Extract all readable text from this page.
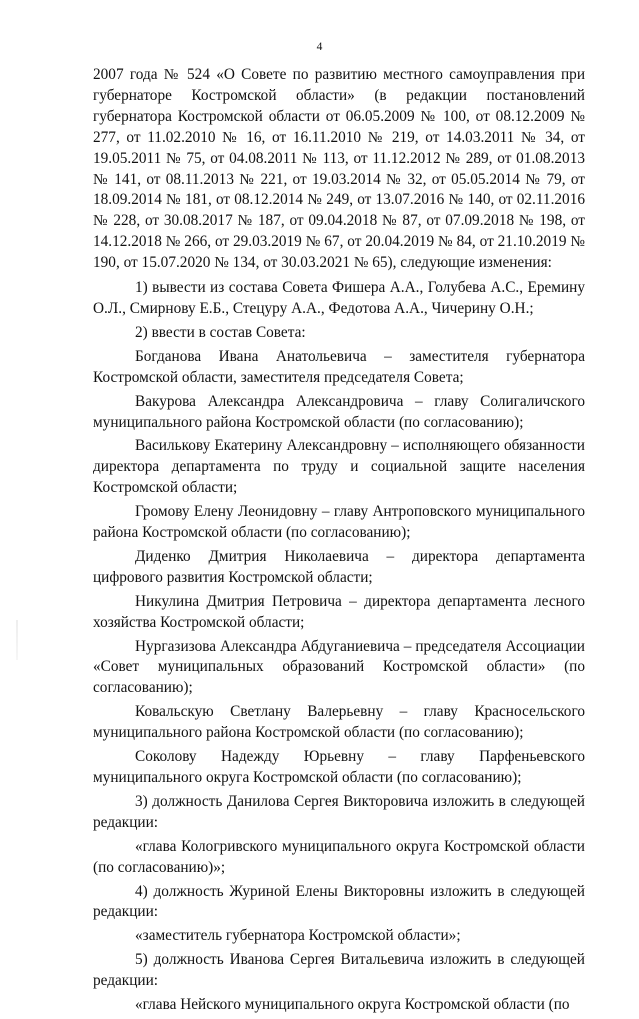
4

2007 года № 524 «О Совете по развитию местного самоуправления при губернаторе Костромской области» (в редакции постановлений губернатора Костромской области от 06.05.2009 № 100, от 08.12.2009 № 277, от 11.02.2010 № 16, от 16.11.2010 № 219, от 14.03.2011 № 34, от 19.05.2011 № 75, от 04.08.2011 № 113, от 11.12.2012 № 289, от 01.08.2013 № 141, от 08.11.2013 № 221, от 19.03.2014 № 32, от 05.05.2014 № 79, от 18.09.2014 № 181, от 08.12.2014 № 249, от 13.07.2016 № 140, от 02.11.2016 № 228, от 30.08.2017 № 187, от 09.04.2018 № 87, от 07.09.2018 № 198, от 14.12.2018 № 266, от 29.03.2019 № 67, от 20.04.2019 № 84, от 21.10.2019 № 190, от 15.07.2020 № 134, от 30.03.2021 № 65), следующие изменения:

1) вывести из состава Совета Фишера А.А., Голубева А.С., Еремину О.Л., Смирнову Е.Б., Стецуру А.А., Федотова А.А., Чичерину О.Н.;

2) ввести в состав Совета:

Богданова Ивана Анатольевича – заместителя губернатора Костромской области, заместителя председателя Совета;

Вакурова Александра Александровича – главу Солигаличского муниципального района Костромской области (по согласованию);

Василькову Екатерину Александровну – исполняющего обязанности директора департамента по труду и социальной защите населения Костромской области;

Громову Елену Леонидовну – главу Антроповского муниципального района Костромской области (по согласованию);

Диденко Дмитрия Николаевича – директора департамента цифрового развития Костромской области;

Никулина Дмитрия Петровича – директора департамента лесного хозяйства Костромской области;

Нургазизова Александра Абдуганиевича – председателя Ассоциации «Совет муниципальных образований Костромской области» (по согласованию);

Ковальскую Светлану Валерьевну – главу Красносельского муниципального района Костромской области (по согласованию);

Соколову Надежду Юрьевну – главу Парфеньевского муниципального округа Костромской области (по согласованию);

3) должность Данилова Сергея Викторовича изложить в следующей редакции:

«глава Кологривского муниципального округа Костромской области (по согласованию)»;

4) должность Журиной Елены Викторовны изложить в следующей редакции:

«заместитель губернатора Костромской области»;

5) должность Иванова Сергея Витальевича изложить в следующей редакции:

«глава Нейского муниципального округа Костромской области (по
